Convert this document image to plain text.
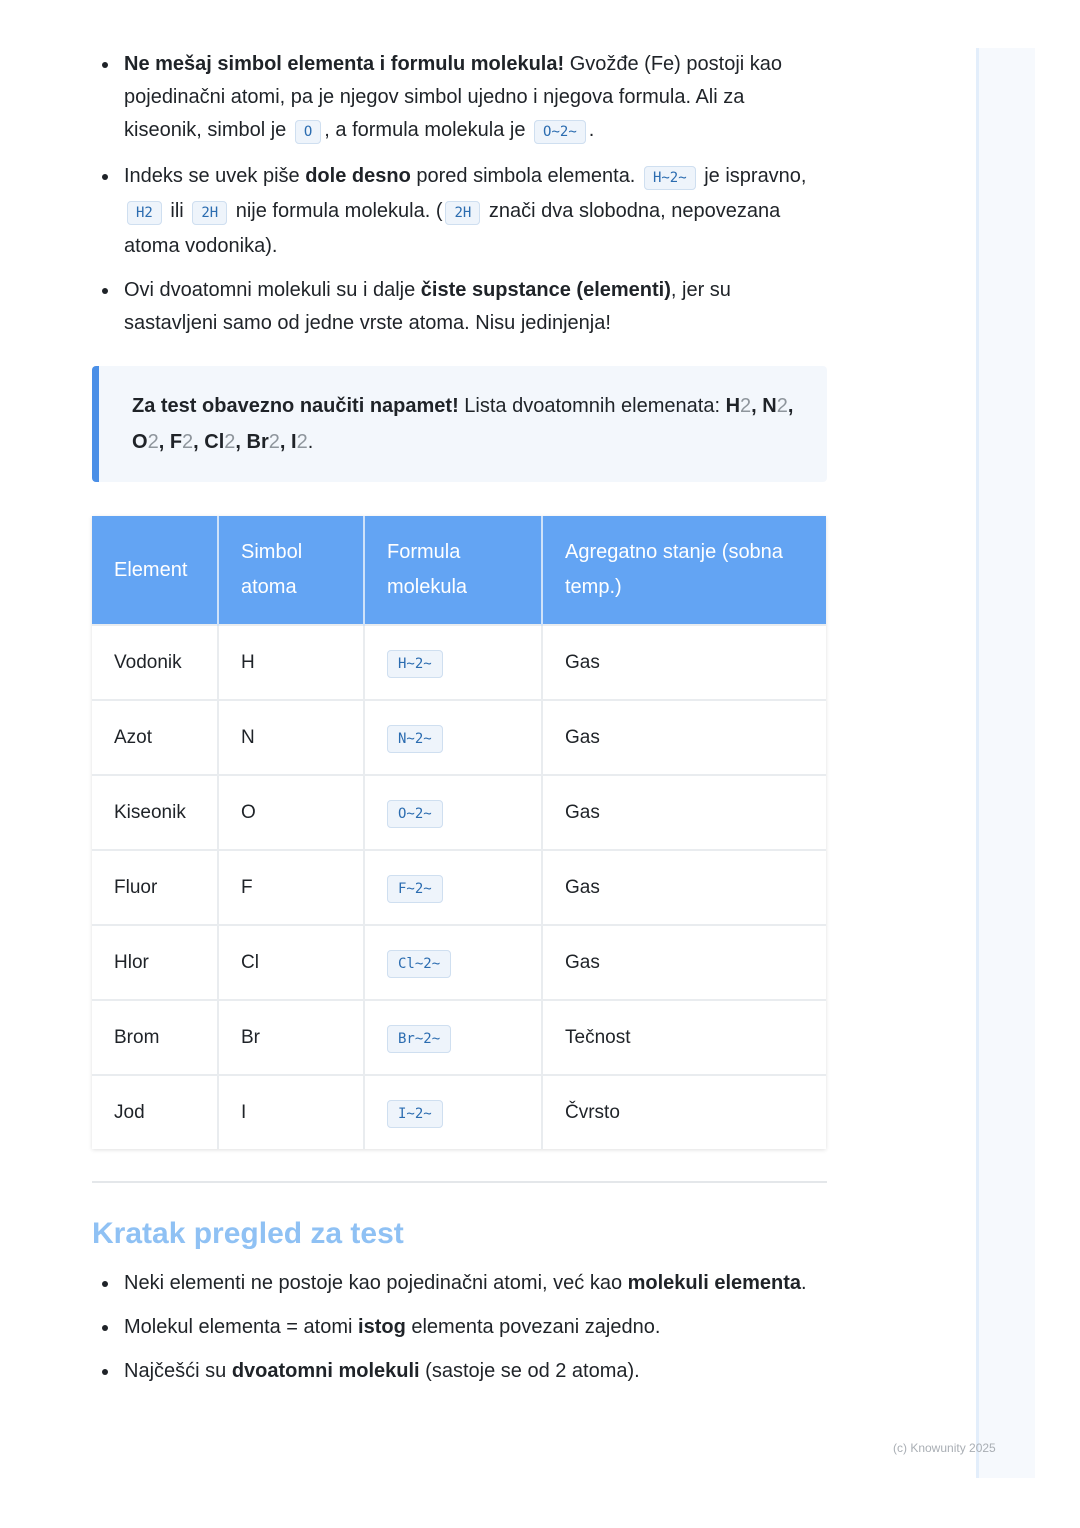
Ne mešaj simbol elementa i formulu molekula! Gvožđe (Fe) postoji kao pojedinačni atomi, pa je njegov simbol ujedno i njegova formula. Ali za kiseonik, simbol je O , a formula molekula je O~2~ .
Indeks se uvek piše dole desno pored simbola elementa. H~2~ je ispravno, H2 ili 2H nije formula molekula. ( 2H znači dva slobodna, nepovezana atoma vodonika).
Ovi dvoatomni molekuli su i dalje čiste supstance (elementi), jer su sastavljeni samo od jedne vrste atoma. Nisu jedinjenja!
Za test obavezno naučiti napamet! Lista dvoatomnih elemenata: H2, N2, O2, F2, Cl2, Br2, I2.
Element	Simbol atoma	Formula molekula	Agregatno stanje (sobna temp.)
Vodonik	H	H~2~	Gas
Azot	N	N~2~	Gas
Kiseonik	O	O~2~	Gas
Fluor	F	F~2~	Gas
Hlor	Cl	Cl~2~	Gas
Brom	Br	Br~2~	Tečnost
Jod	I	I~2~	Čvrsto
Kratak pregled za test
Neki elementi ne postoje kao pojedinačni atomi, već kao molekuli elementa.
Molekul elementa = atomi istog elementa povezani zajedno.
Najčešći su dvoatomni molekuli (sastoje se od 2 atoma).
(c) Knowunity 2025
